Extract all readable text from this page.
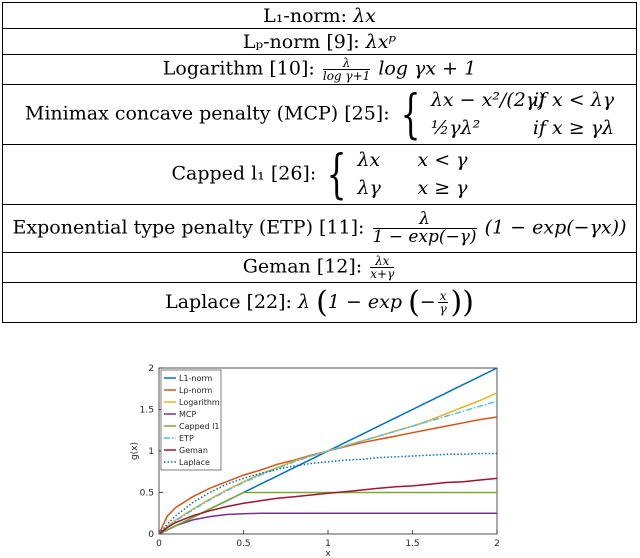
L₁-norm: λx
Lₚ-norm [9]: λxᵖ
Logarithm [10]: $\frac{\lambda}{\text{log γ+1}}$ log γx + 1
Minimax concave penalty (MCP) [25]: { λx − x²/(2γ) if x < λγ
½γλ²	if x ≥ γλ
Capped l₁ [26]: { λx x < γ
λγ x ≥ γ
Exponential type penalty (ETP) [11]: $\frac{\lambda}{1 - \exp(-\gamma)} (1 - \exp(-\gamma x))$
Geman [12]: $\frac{\lambda x}{x+\gamma}$

Laplace [22]: λ (1 − exp (− $\frac{x}{\gamma}$ ))
0
0
0.5
0.5
1
1
1.5
1.5
2
2
x
g(x)
L1-norm
Lp-norm
Logarithm
MCP
Capped l1
ETP
Geman
Laplace
